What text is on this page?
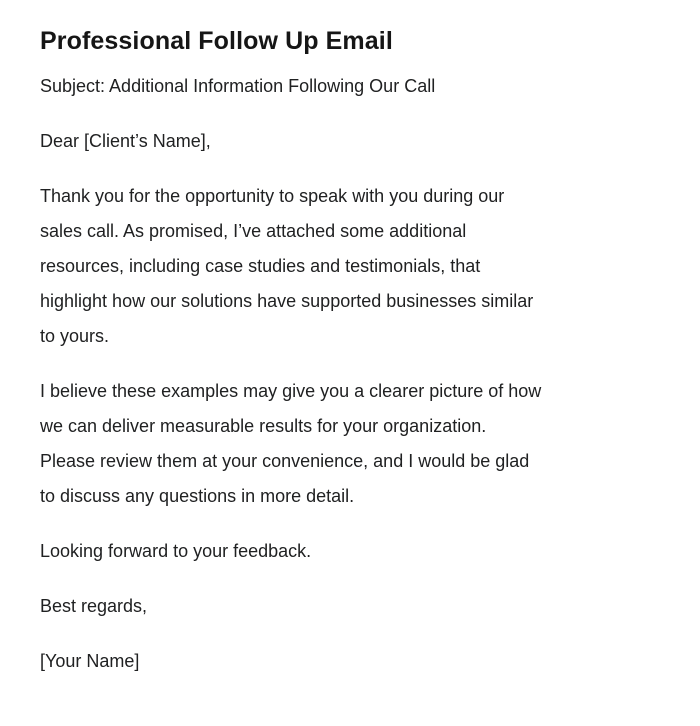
Professional Follow Up Email
Subject: Additional Information Following Our Call
Dear [Client’s Name],
Thank you for the opportunity to speak with you during our
sales call. As promised, I’ve attached some additional
resources, including case studies and testimonials, that
highlight how our solutions have supported businesses similar
to yours.
I believe these examples may give you a clearer picture of how
we can deliver measurable results for your organization.
Please review them at your convenience, and I would be glad
to discuss any questions in more detail.
Looking forward to your feedback.
Best regards,
[Your Name]
